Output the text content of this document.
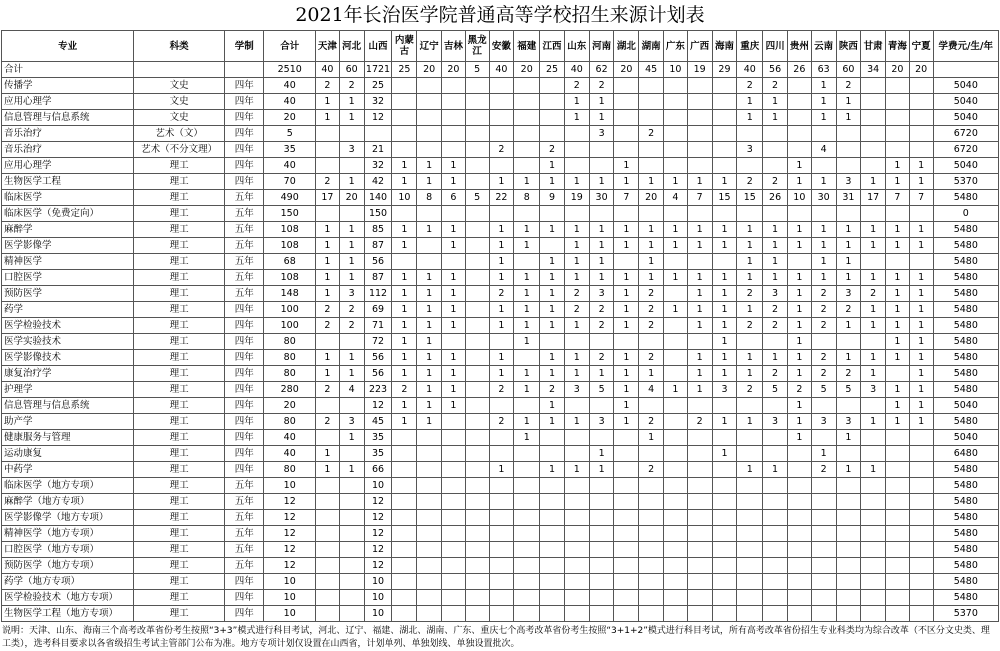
2021年长治医学院普通高等学校招生来源计划表
专业	科类	学制	合计	天津	河北	山西	内蒙古	辽宁	吉林	黑龙江	安徽	福建	江西	山东	河南	湖北	湖南	广东	广西	海南	重庆	四川	贵州	云南	陕西	甘肃	青海	宁夏	学费元/生/年
合计			2510	40	60	1721	25	20	20	5	40	20	25	40	62	20	45	10	19	29	40	56	26	63	60	34	20	20	
传播学	文史	四年	40	2	2	25								2	2						2	2		1	2				5040
应用心理学	文史	四年	40	1	1	32								1	1						1	1		1	1				5040
信息管理与信息系统	文史	四年	20	1	1	12								1	1						1	1		1	1				5040
音乐治疗	艺术（文）	四年	5												3		2												6720
音乐治疗	艺术（不分文理）	四年	35		3	21					2		2								3			4					6720
应用心理学	理工	四年	40			32	1	1	1				1			1							1				1	1	5040
生物医学工程	理工	四年	70	2	1	42	1	1	1		1	1	1	1	1	1	1	1	1	1	2	2	1	1	3	1	1	1	5370
临床医学	理工	五年	490	17	20	140	10	8	6	5	22	8	9	19	30	7	20	4	7	15	15	26	10	30	31	17	7	7	5480
临床医学（免费定向）	理工	五年	150			150																							0
麻醉学	理工	五年	108	1	1	85	1	1	1		1	1	1	1	1	1	1	1	1	1	1	1	1	1	1	1	1	1	5480
医学影像学	理工	五年	108	1	1	87	1		1		1	1		1	1	1	1	1	1	1	1	1	1	1	1	1	1	1	5480
精神医学	理工	五年	68	1	1	56					1		1	1	1		1				1	1		1	1				5480
口腔医学	理工	五年	108	1	1	87	1	1	1		1	1	1	1	1	1	1	1	1	1	1	1	1	1	1	1	1	1	5480
预防医学	理工	五年	148	1	3	112	1	1	1		2	1	1	2	3	1	2		1	1	2	3	1	2	3	2	1	1	5480
药学	理工	四年	100	2	2	69	1	1	1		1	1	1	2	2	1	2	1	1	1	1	2	1	2	2	1	1	1	5480
医学检验技术	理工	四年	100	2	2	71	1	1	1		1	1	1	1	2	1	2		1	1	2	2	1	2	1	1	1	1	5480
医学实验技术	理工	四年	80			72	1	1				1								1			1				1	1	5480
医学影像技术	理工	四年	80	1	1	56	1	1	1		1		1	1	2	1	2		1	1	1	1	1	2	1	1	1	1	5480
康复治疗学	理工	四年	80	1	1	56	1	1	1		1	1	1	1	1	1	1		1	1	1	2	1	2	2	1		1	5480
护理学	理工	四年	280	2	4	223	2	1	1		2	1	2	3	5	1	4	1	1	3	2	5	2	5	5	3	1	1	5480
信息管理与信息系统	理工	四年	20			12	1	1	1				1			1							1				1	1	5040
助产学	理工	四年	80	2	3	45	1	1			2	1	1	1	3	1	2		2	1	1	3	1	3	3	1	1	1	5480
健康服务与管理	理工	四年	40		1	35						1					1						1		1				5040
运动康复	理工	四年	40	1		35									1					1				1					6480
中药学	理工	四年	80	1	1	66					1		1	1	1		2				1	1		2	1	1			5480
临床医学（地方专项）	理工	五年	10			10																							5480
麻醉学（地方专项）	理工	五年	12			12																							5480
医学影像学（地方专项）	理工	五年	12			12																							5480
精神医学（地方专项）	理工	五年	12			12																							5480
口腔医学（地方专项）	理工	五年	12			12																							5480
预防医学（地方专项）	理工	五年	12			12																							5480
药学（地方专项）	理工	四年	10			10																							5480
医学检验技术（地方专项）	理工	四年	10			10																							5480
生物医学工程（地方专项）	理工	四年	10			10																							5370
说明：天津、山东、海南三个高考改革省份考生按照“3+3”模式进行科目考试，河北、辽宁、福建、湖北、湖南、广东、重庆七个高考改革省份考生按照“3+1+2”模式进行科目考试，所有高考改革省份招生专业科类均为综合改革（不区分文史类、理工类），选考科目要求以各省级招生考试主管部门公布为准。地方专项计划仅设置在山西省，计划单列、单独划线、单独设置批次。
